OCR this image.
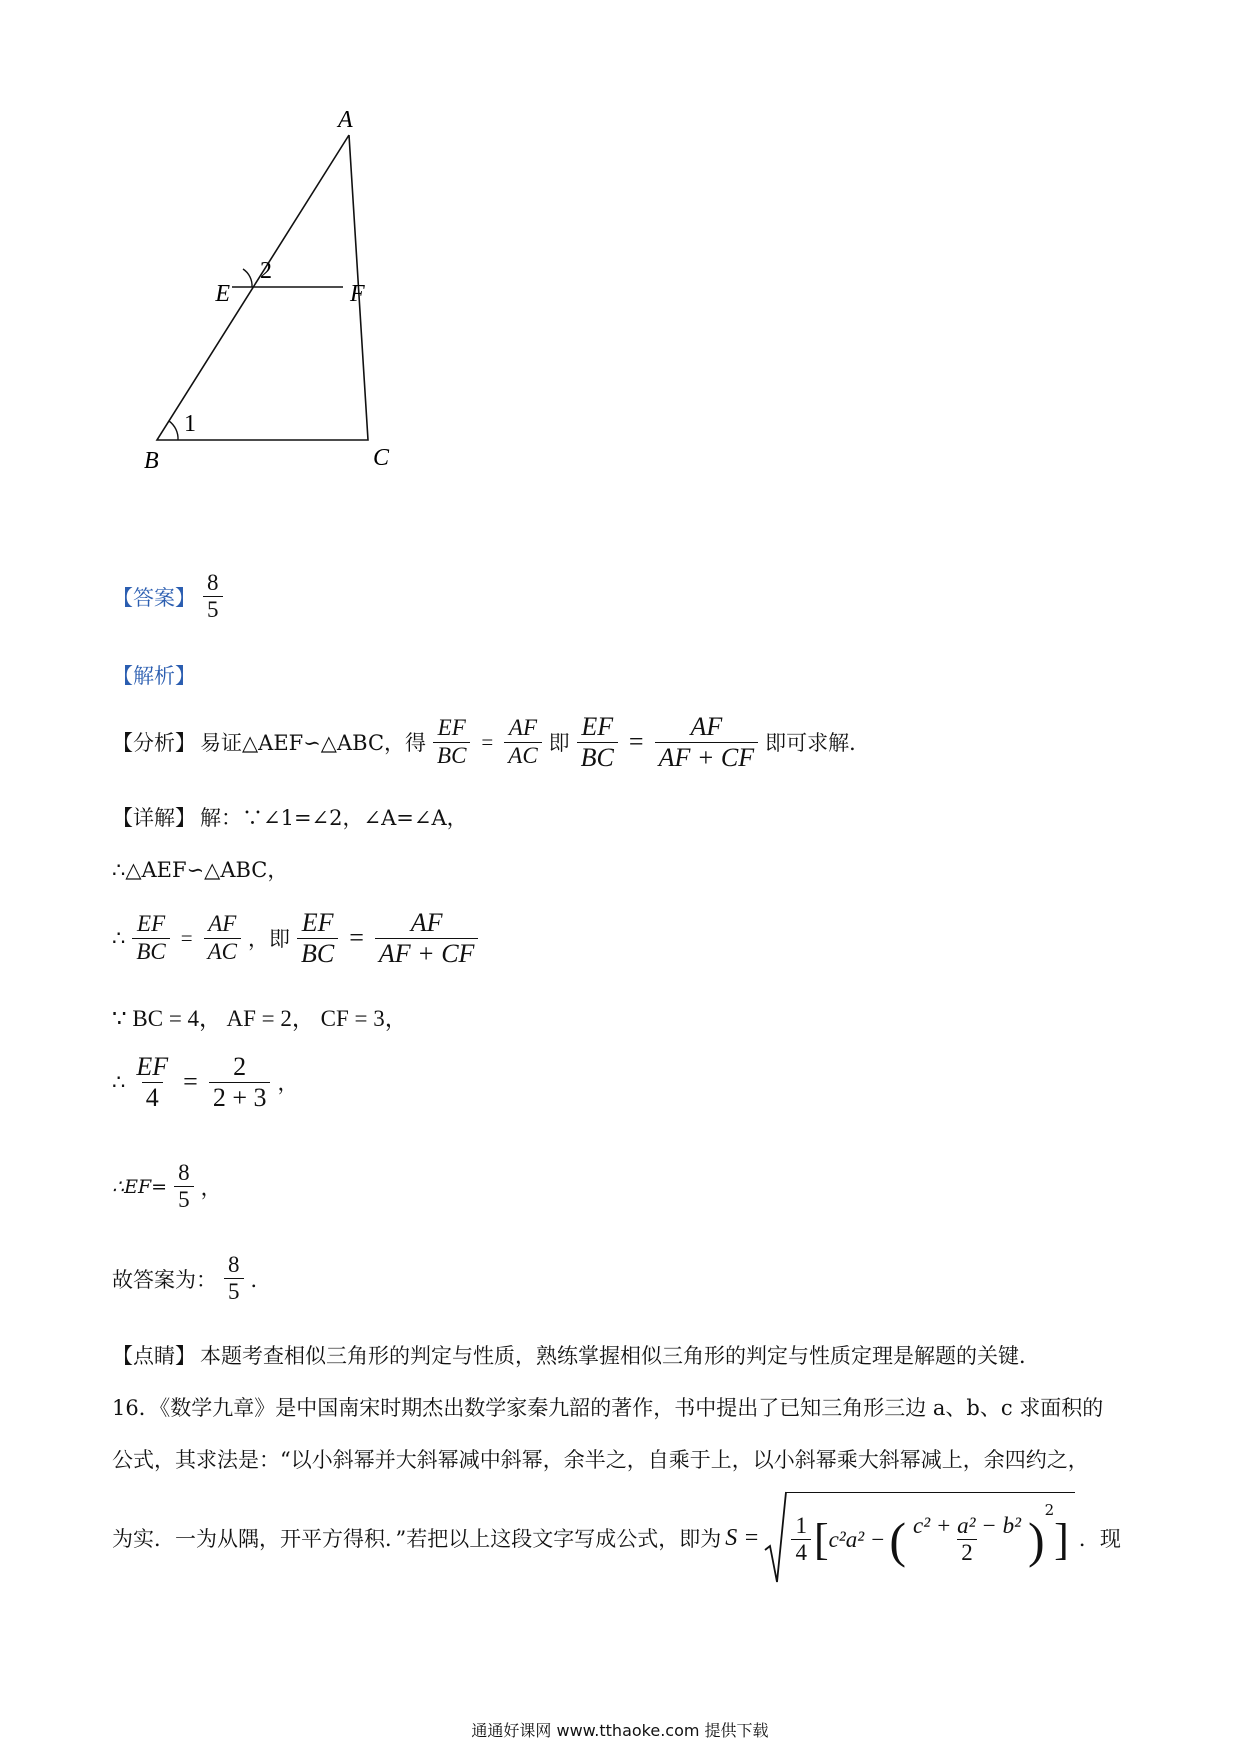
A
E	F
2
1
B	C
【答案】 $\frac{8}{5}$
【解析】
【分析】 易证△AEF∽△ABC，得 $\frac{EF}{BC} = \frac{AF}{AC}$ 即 $\frac{EF}{BC} = \frac{AF}{AF + CF}$ 即可求解．
【详解】 解：∵∠1=∠2，∠A=∠A，
∴△AEF∽△ABC，
∴ $\frac{EF}{BC} = \frac{AF}{AC}$ ，即 $\frac{EF}{BC} = \frac{AF}{AF + CF}$
∵ BC = 4， AF = 2， CF = 3，
∴ $\frac{EF}{4} = \frac{2}{2 + 3}$ ，
∴EF= $\frac{8}{5}$ ，
故答案为： $\frac{8}{5}$ ．
【点睛】 本题考查相似三角形的判定与性质，熟练掌握相似三角形的判定与性质定理是解题的关键．
16．《数学九章》是中国南宋时期杰出数学家秦九韶的著作，书中提出了已知三角形三边 a、b、c 求面积的
公式，其求法是：“以小斜幂并大斜幂减中斜幂，余半之，自乘于上，以小斜幂乘大斜幂减上，余四约之，
为实．一为从隅，开平方得积．”若把以上这段文字写成公式，即为 $S = \frac{1}{4}$ [ c²a² − ( $\frac{\text{c² + a² − b²}}{2}$ )
$^2$
] ．现
通通好课网 www.tthaoke.com 提供下载
